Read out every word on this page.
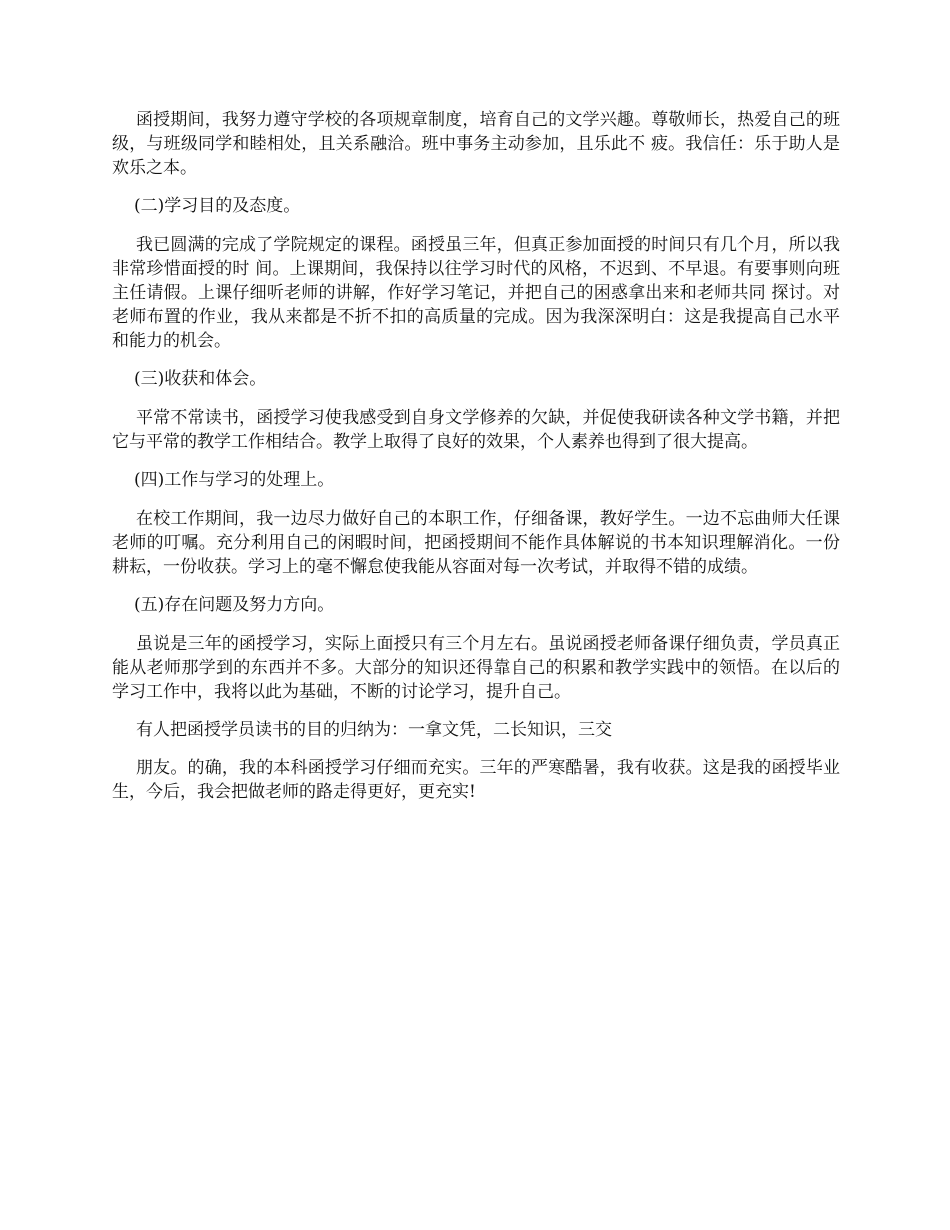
函授期间，我努力遵守学校的各项规章制度，培育自己的文学兴趣。尊敬师长，热爱自己的班级，与班级同学和睦相处，且关系融洽。班中事务主动参加，且乐此不 疲。我信任：乐于助人是欢乐之本。

(二)学习目的及态度。

我已圆满的完成了学院规定的课程。函授虽三年，但真正参加面授的时间只有几个月，所以我非常珍惜面授的时 间。上课期间，我保持以往学习时代的风格，不迟到、不早退。有要事则向班主任请假。上课仔细听老师的讲解，作好学习笔记，并把自己的困惑拿出来和老师共同 探讨。对老师布置的作业，我从来都是不折不扣的高质量的完成。因为我深深明白：这是我提高自己水平和能力的机会。

(三)收获和体会。

平常不常读书，函授学习使我感受到自身文学修养的欠缺，并促使我研读各种文学书籍，并把它与平常的教学工作相结合。教学上取得了良好的效果，个人素养也得到了很大提高。

(四)工作与学习的处理上。

在校工作期间，我一边尽力做好自己的本职工作，仔细备课，教好学生。一边不忘曲师大任课老师的叮嘱。充分利用自己的闲暇时间，把函授期间不能作具体解说的书本知识理解消化。一份耕耘，一份收获。学习上的毫不懈怠使我能从容面对每一次考试，并取得不错的成绩。

(五)存在问题及努力方向。

虽说是三年的函授学习，实际上面授只有三个月左右。虽说函授老师备课仔细负责，学员真正能从老师那学到的东西并不多。大部分的知识还得靠自己的积累和教学实践中的领悟。在以后的学习工作中，我将以此为基础，不断的讨论学习，提升自己。

有人把函授学员读书的目的归纳为：一拿文凭，二长知识，三交

朋友。的确，我的本科函授学习仔细而充实。三年的严寒酷暑，我有收获。这是我的函授毕业生，今后，我会把做老师的路走得更好，更充实!
